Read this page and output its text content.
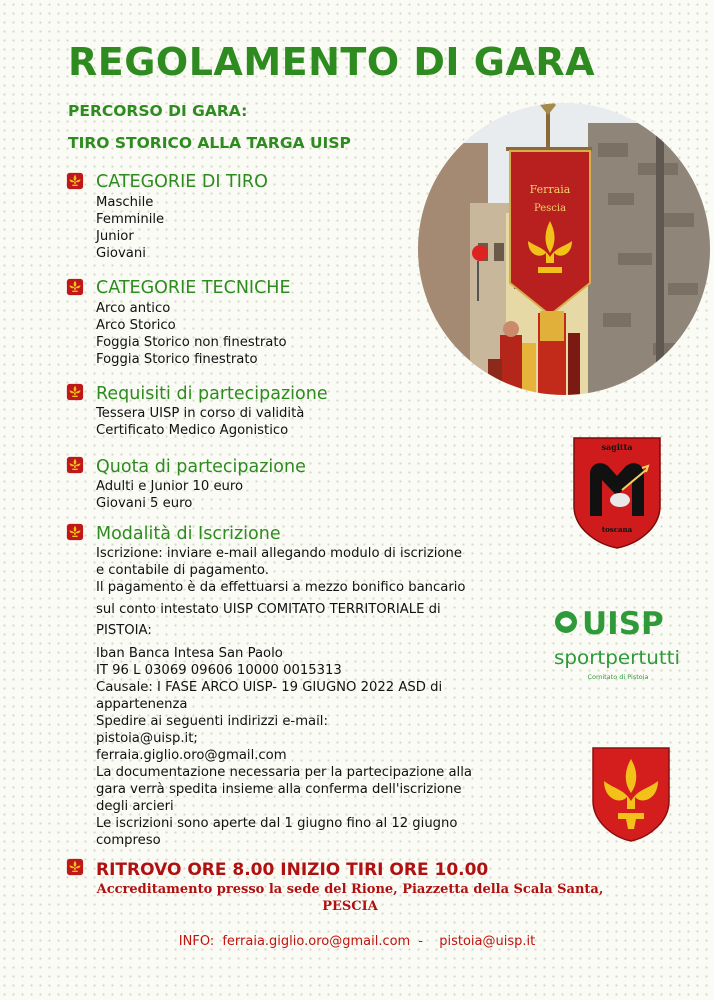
REGOLAMENTO DI GARA
PERCORSO DI GARA:
TIRO STORICO ALLA TARGA UISP
CATEGORIE DI TIRO
Maschile
Femminile
Junior
Giovani
CATEGORIE TECNICHE
Arco antico
Arco Storico
Foggia Storico non finestrato
Foggia Storico finestrato
Requisiti di partecipazione
Tessera UISP in corso di validità
Certificato Medico Agonistico
Quota di partecipazione
Adulti e Junior 10 euro
Giovani 5 euro
Modalità di Iscrizione
Iscrizione: inviare e-mail allegando modulo di iscrizione
e contabile di pagamento.
Il pagamento è da effettuarsi a mezzo bonifico bancario
sul conto intestato UISP COMITATO TERRITORIALE di
PISTOIA:
Iban Banca Intesa San Paolo
IT 96 L 03069 09606 10000 0015313
Causale: I FASE ARCO UISP- 19 GIUGNO 2022 ASD di
appartenenza
Spedire ai seguenti indirizzi e-mail:
pistoia@uisp.it;
ferraia.giglio.oro@gmail.com
La documentazione necessaria per la partecipazione alla
gara verrà spedita insieme alla conferma dell'iscrizione
degli arcieri
Le iscrizioni sono aperte dal 1 giugno fino al 12 giugno
compreso
Ferraia
Pescia
sagitta
toscana
UISP
sportpertutti
Comitato di Pistoia
RITROVO ORE 8.00 INIZIO TIRI ORE 10.00
Accreditamento presso la sede del Rione, Piazzetta della Scala Santa,
PESCIA
INFO: ferraia.giglio.oro@gmail.com - pistoia@uisp.it
